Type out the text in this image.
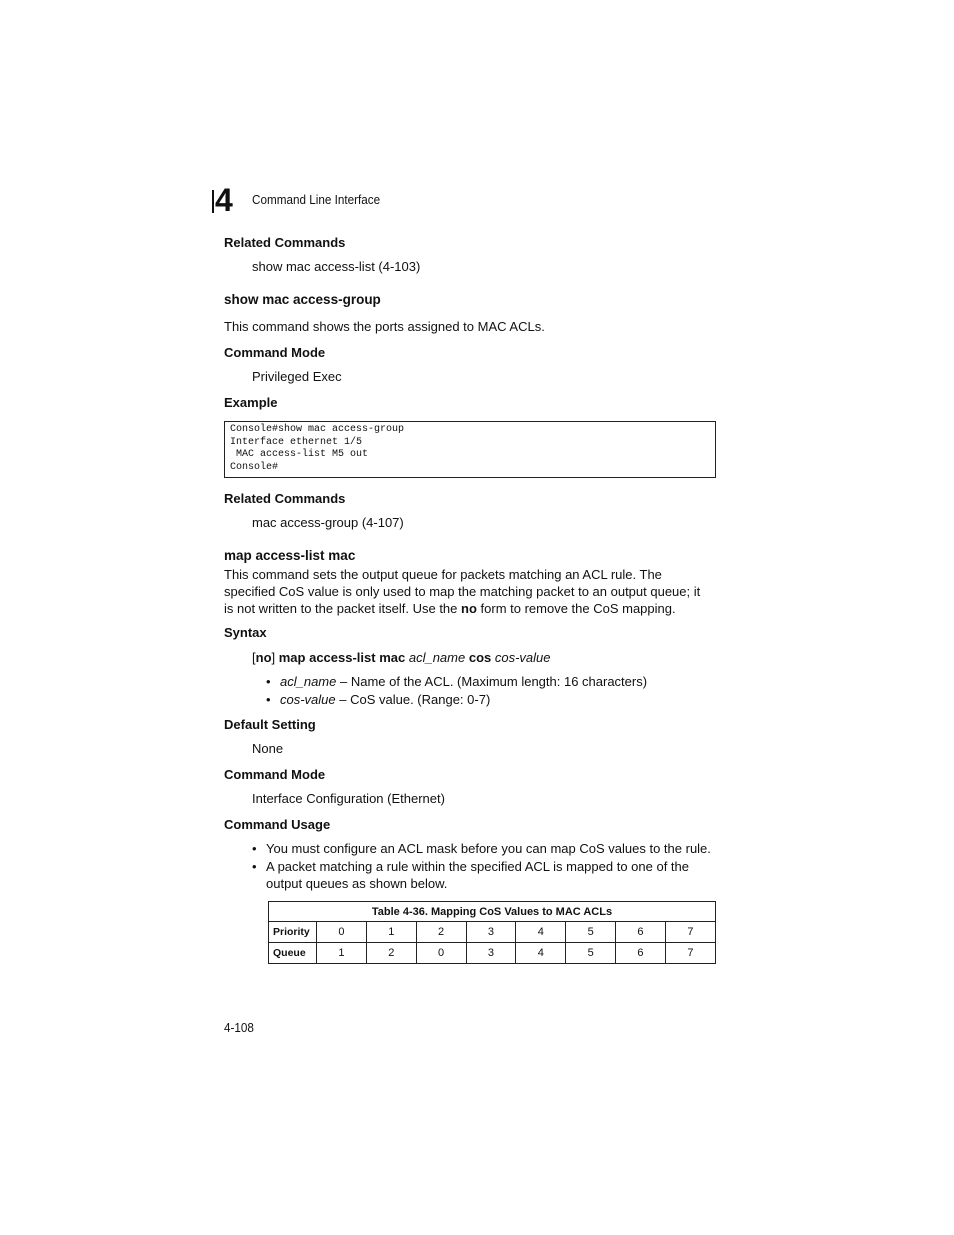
4 Command Line Interface
Related Commands
show mac access-list (4-103)
show mac access-group
This command shows the ports assigned to MAC ACLs.
Command Mode
Privileged Exec
Example
Console#show mac access-group
Interface ethernet 1/5
MAC access-list M5 out
Console#
Related Commands
mac access-group (4-107)
map access-list mac
This command sets the output queue for packets matching an ACL rule. The
specified CoS value is only used to map the matching packet to an output queue; it
is not written to the packet itself. Use the no form to remove the CoS mapping.
Syntax
[no] map access-list mac acl_name cos cos-value
• acl_name – Name of the ACL. (Maximum length: 16 characters)
• cos-value – CoS value. (Range: 0-7)
Default Setting
None
Command Mode
Interface Configuration (Ethernet)
Command Usage
• You must configure an ACL mask before you can map CoS values to the rule.
• A packet matching a rule within the specified ACL is mapped to one of the
output queues as shown below.
Table 4-36. Mapping CoS Values to MAC ACLs								
Priority	0	1	2	3	4	5	6	7
Queue	1	2	0	3	4	5	6	7
4-108
